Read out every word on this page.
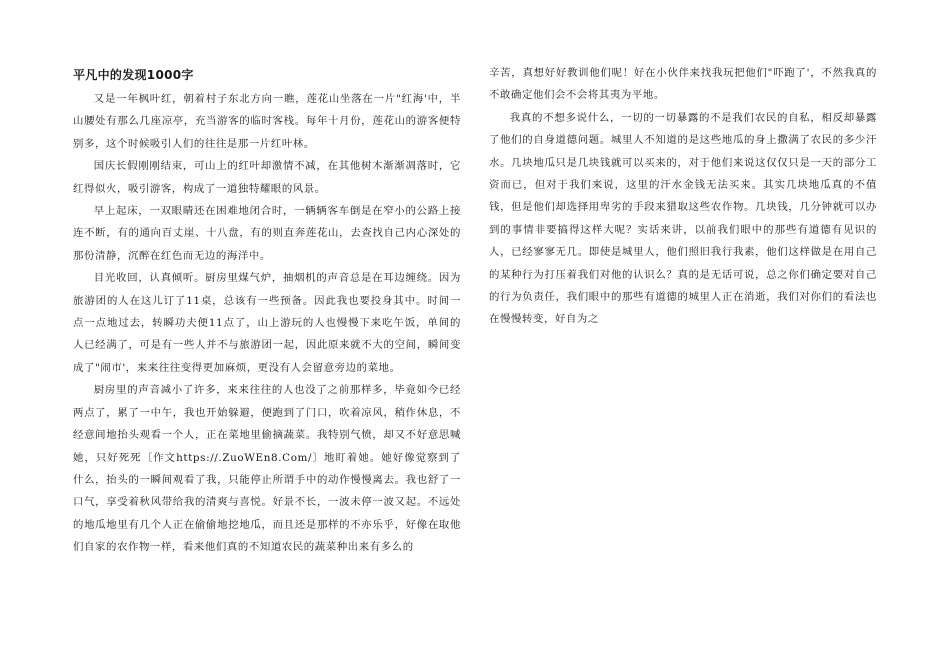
平凡中的发现1000字

又是一年枫叶红，朝着村子东北方向一瞧，莲花山坐落在一片"红海'中，半山腰处有那么几座凉亭，充当游客的临时客栈。每年十月份，莲花山的游客便特别多，这个时候吸引人们的往往是那一片红叶林。

国庆长假刚刚结束，可山上的红叶却激情不减，在其他树木渐渐凋落时，它红得似火，吸引游客，构成了一道独特耀眼的风景。

早上起床，一双眼睛还在困难地闭合时，一辆辆客车倒是在窄小的公路上接连不断，有的通向百丈崖、十八盘，有的则直奔莲花山，去查找自己内心深处的那份清静，沉醉在红色而无边的海洋中。

目光收回，认真倾听。厨房里煤气炉，抽烟机的声音总是在耳边缠绕。因为旅游团的人在这儿订了11桌，总该有一些预备。因此我也要投身其中。时间一点一点地过去，转瞬功夫便11点了，山上游玩的人也慢慢下来吃午饭，单间的人已经满了，可是有一些人并不与旅游团一起，因此原来就不大的空间，瞬间变成了"闹市'，来来往往变得更加麻烦，更没有人会留意旁边的菜地。

厨房里的声音减小了许多，来来往往的人也没了之前那样多，毕竟如今已经两点了，累了一中午，我也开始躲避，便跑到了门口，吹着凉风，稍作休息，不经意间地抬头观看一个人，正在菜地里偷摘蔬菜。我特别气愤，却又不好意思喊她，只好死死〔作文https://.ZuoWEn8.Com/〕地盯着她。她好像觉察到了什么，抬头的一瞬间观看了我，只能停止所谓手中的动作慢慢离去。我也舒了一口气，享受着秋风带给我的清爽与喜悦。好景不长，一波未停一波又起。不远处的地瓜地里有几个人正在偷偷地挖地瓜，而且还是那样的不亦乐乎，好像在取他们自家的农作物一样，看来他们真的不知道农民的蔬菜种出来有多么的

辛苦，真想好好教训他们呢！好在小伙伴来找我玩把他们"吓跑了'，不然我真的不敢确定他们会不会将其夷为平地。

我真的不想多说什么，一切的一切暴露的不是我们农民的自私，相反却暴露了他们的自身道德问题。城里人不知道的是这些地瓜的身上撒满了农民的多少汗水。几块地瓜只是几块钱就可以买来的，对于他们来说这仅仅只是一天的部分工资而已，但对于我们来说，这里的汗水金钱无法买来。其实几块地瓜真的不值钱，但是他们却选择用卑劣的手段来猎取这些农作物。几块钱，几分钟就可以办到的事情非要搞得这样大呢？实话来讲，以前我们眼中的那些有道德有见识的人，已经寥寥无几。即使是城里人，他们照旧我行我素，他们这样做是在用自己的某种行为打压着我们对他的认识么？真的是无话可说，总之你们确定要对自己的行为负责任，我们眼中的那些有道德的城里人正在消逝，我们对你们的看法也在慢慢转变，好自为之
